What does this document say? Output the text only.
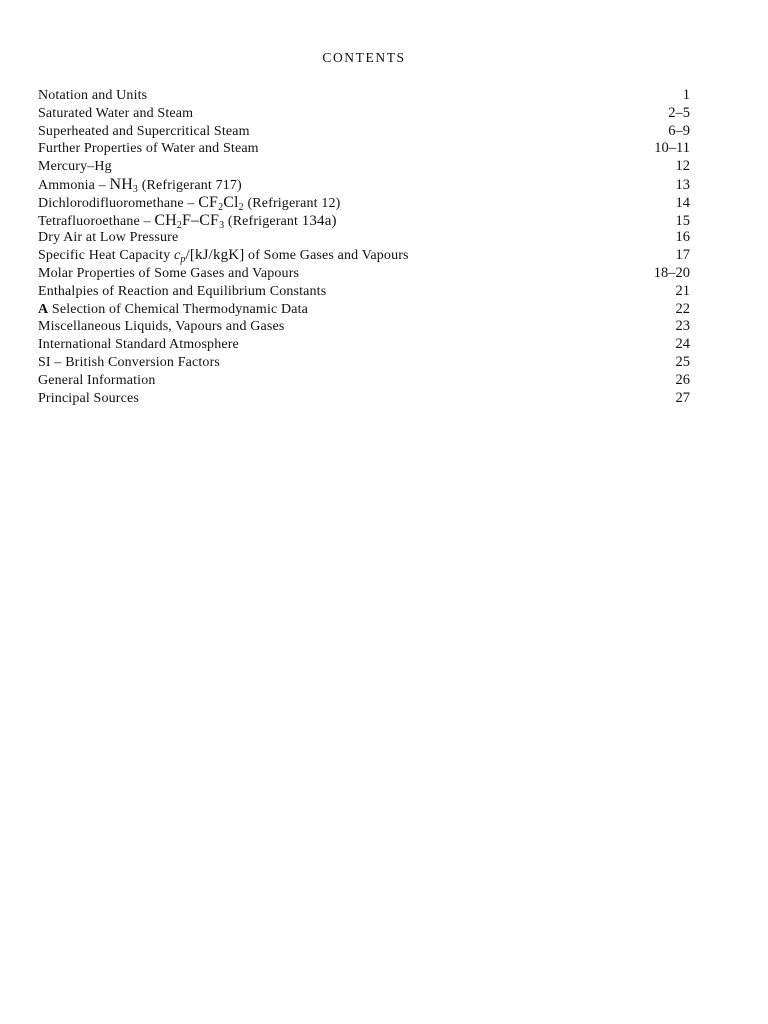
CONTENTS
Notation and Units	1
Saturated Water and Steam	2–5
Superheated and Supercritical Steam	6–9
Further Properties of Water and Steam	10–11
Mercury–Hg	12
Ammonia – $NH_3$ (Refrigerant 717)	13
Dichlorodifluoromethane – $CF_2Cl_2$ (Refrigerant 12)	14
Tetrafluoroethane – $CH_2F-CF_3$ (Refrigerant 134a)	15
Dry Air at Low Pressure	16
Specific Heat Capacity $c_p/[kJ/kgK]$ of Some Gases and Vapours	17
Molar Properties of Some Gases and Vapours	18–20
Enthalpies of Reaction and Equilibrium Constants	21
A Selection of Chemical Thermodynamic Data	22
Miscellaneous Liquids, Vapours and Gases	23
International Standard Atmosphere	24
SI – British Conversion Factors	25
General Information	26
Principal Sources	27
